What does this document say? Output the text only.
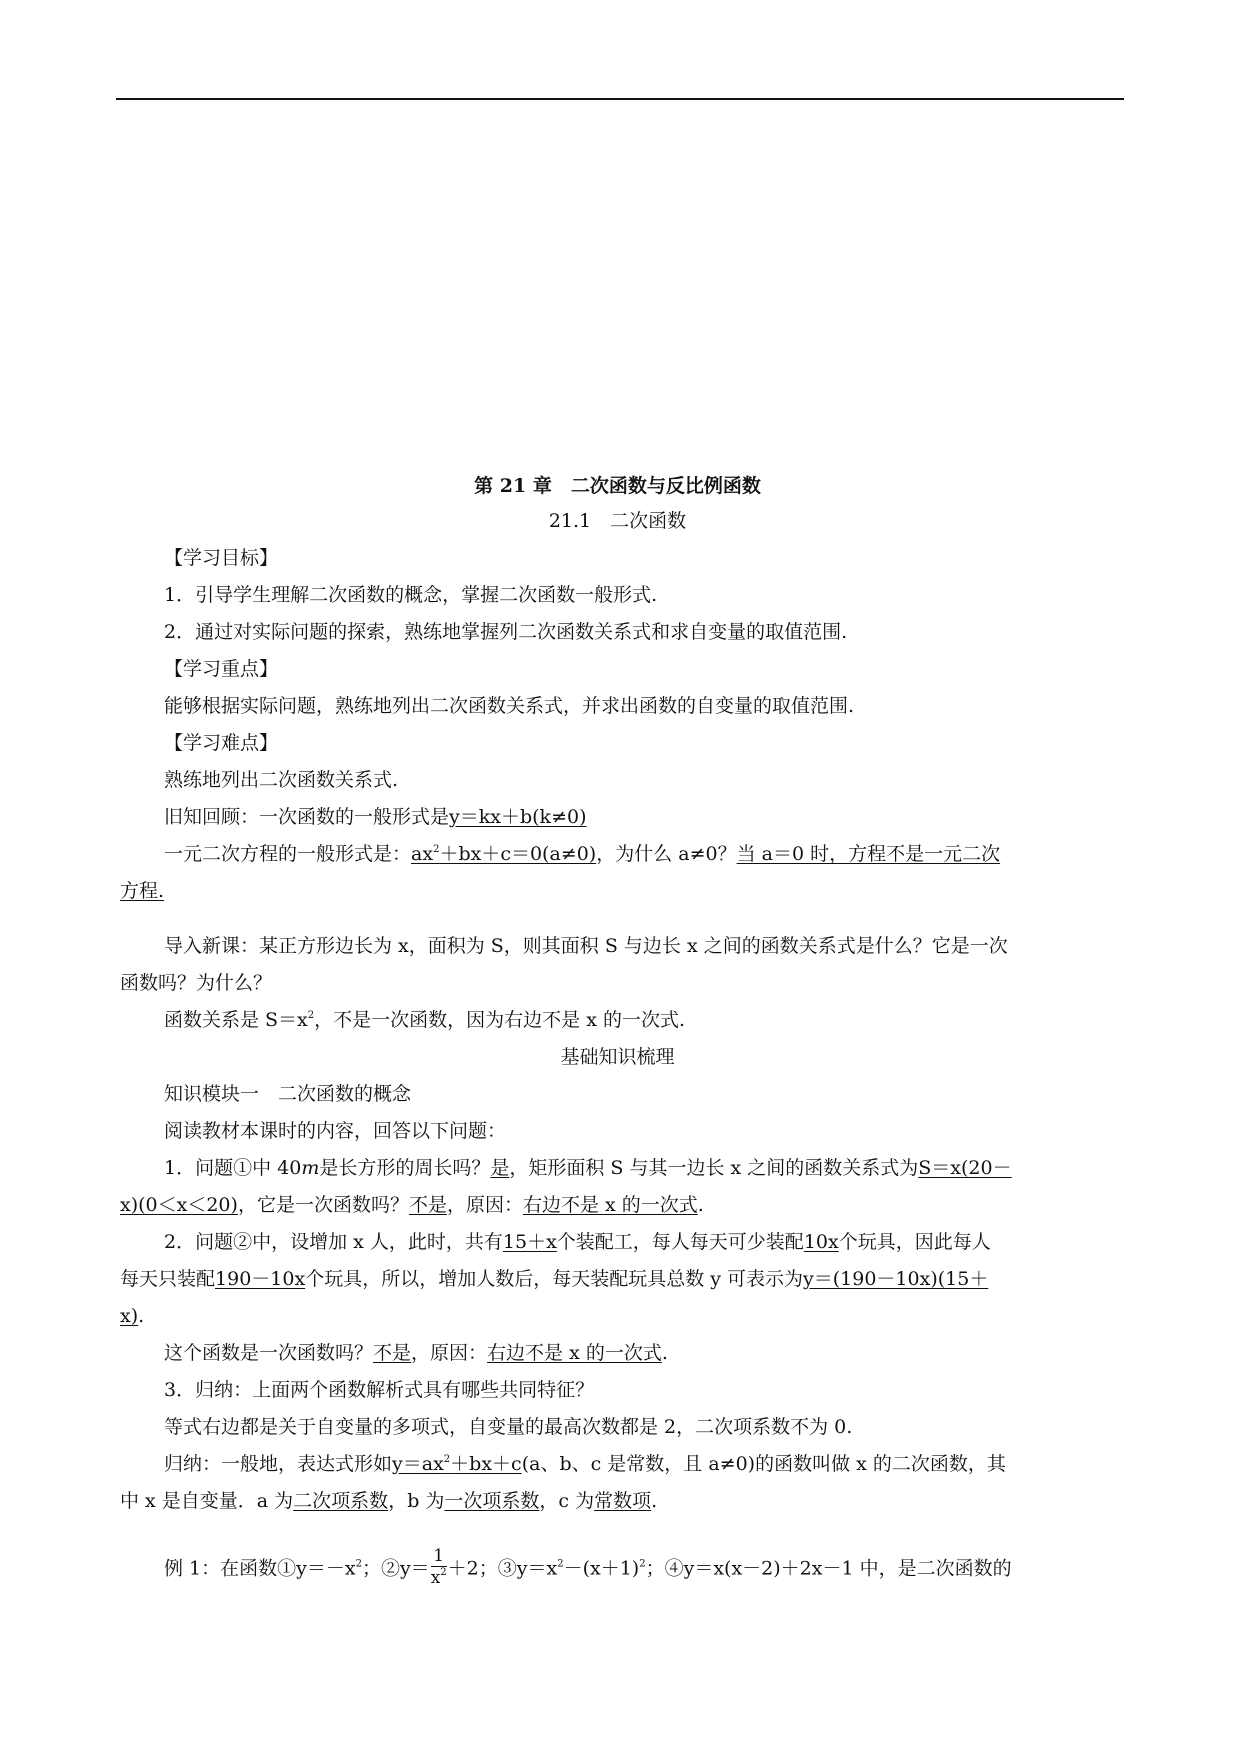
第 21 章　二次函数与反比例函数
21.1　二次函数
【学习目标】
1．引导学生理解二次函数的概念，掌握二次函数一般形式.
2．通过对实际问题的探索，熟练地掌握列二次函数关系式和求自变量的取值范围.
【学习重点】
能够根据实际问题，熟练地列出二次函数关系式，并求出函数的自变量的取值范围.
【学习难点】
熟练地列出二次函数关系式.
旧知回顾：一次函数的一般形式是y＝kx＋b(k≠0)
一元二次方程的一般形式是：$ax^2+bx+c=0(a\ne 0)$，为什么 a≠0？当 a＝0 时，方程不是一元二次
方程.
导入新课：某正方形边长为 x，面积为 S，则其面积 S 与边长 x 之间的函数关系式是什么？它是一次
函数吗？为什么？
函数关系是 $S=x^2$，不是一次函数，因为右边不是 x 的一次式.
基础知识梳理
知识模块一　二次函数的概念
阅读教材本课时的内容，回答以下问题：
1．问题①中 40m是长方形的周长吗？是，矩形面积 S 与其一边长 x 之间的函数关系式为S＝x(20－
x)(0＜x＜20)，它是一次函数吗？不是，原因：右边不是 x 的一次式.
2．问题②中，设增加 x 人，此时，共有15＋x个装配工，每人每天可少装配10x个玩具，因此每人
每天只装配190－10x个玩具，所以，增加人数后，每天装配玩具总数 y 可表示为y＝(190－10x)(15＋
x).
这个函数是一次函数吗？不是，原因：右边不是 x 的一次式.
3．归纳：上面两个函数解析式具有哪些共同特征？
等式右边都是关于自变量的多项式，自变量的最高次数都是 2，二次项系数不为 0.
归纳：一般地，表达式形如$y=ax^2+bx+c(a$、b、c 是常数，且 a≠0)的函数叫做 x 的二次函数，其
中 x 是自变量．a 为二次项系数，b 为一次项系数，c 为常数项.
例 1：在函数$①y=-x^2$；②y＝ $\frac{1}{x^2} +2$；$③y=x^2-(x+1)^2$；④y＝x(x－2)＋2x－1 中，是二次函数的
